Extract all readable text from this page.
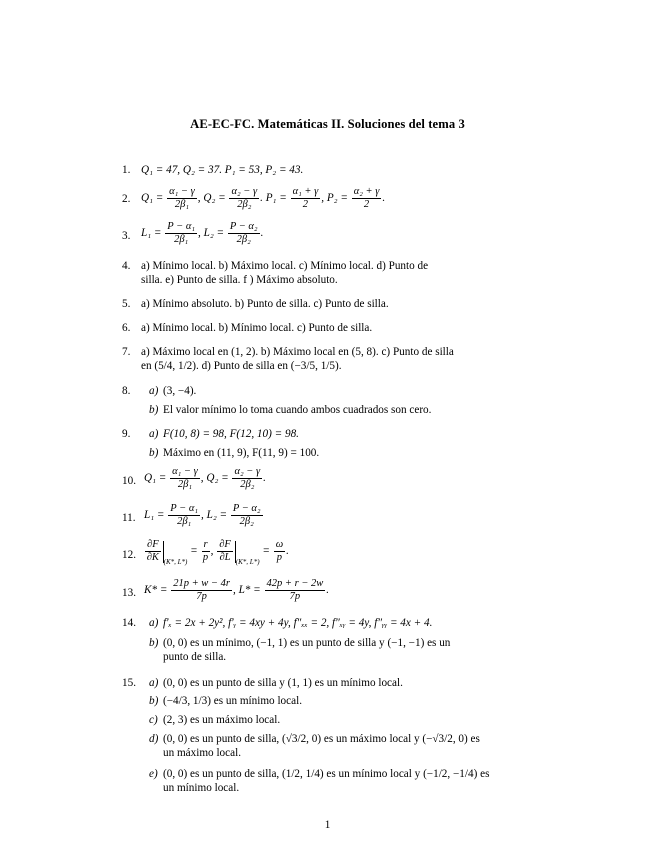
AE-EC-FC. Matemáticas II. Soluciones del tema 3
1. Q₁ = 47, Q₂ = 37. P₁ = 53, P₂ = 43.
2. $Q_1 = \frac{\text{α₁ − γ}}{\text{2β₁}}$ , $Q_2 = \frac{\text{α₂ − γ}}{\text{2β₂}}$ . $P_1 = \frac{\text{α₁ + γ}}{2}$ , $P_2 = \frac{\text{α₂ + γ}}{2}$ .
3. $L_1 = \frac{\text{P − α₁}}{\text{2β₁}}$ , $L_2 = \frac{\text{P − α₂}}{\text{2β₂}}$ .
4. a) Mínimo local. b) Máximo local. c) Mínimo local. d) Punto de
silla. e) Punto de silla. f ) Máximo absoluto.
5. a) Mínimo absoluto. b) Punto de silla. c) Punto de silla.
6. a) Mínimo local. b) Mínimo local. c) Punto de silla.
7. a) Máximo local en (1, 2). b) Máximo local en (5, 8). c) Punto de silla
en (5/4, 1/2). d) Punto de silla en (−3/5, 1/5).
8.	a) (3, −4).
b) El valor mínimo lo toma cuando ambos cuadrados son cero.
9.	a) F(10, 8) = 98, F(12, 10) = 98.
b) Máximo en (11, 9), F(11, 9) = 100.
10. $Q_1 = \frac{\text{α₁ − γ}}{\text{2β₁}}$ , $Q_2 = \frac{\text{α₂ − γ}}{\text{2β₂}}$ .
11. $L_1 = \frac{\text{P − α₁}}{\text{2β₁}}$ , $L_2 = \frac{\text{P − α₂}}{\text{2β₂}}$
12. $\frac{\partial F}{\partial K} _{(K*, L*)} = \frac{r}{p}$ , $\frac{\partial F}{\partial L} _{(K*, L*)} = \frac{\omega}{p}$ .
13. $K* = \frac{21p + w - 4r}{7p}$ , $L* = \frac{42p + r - 2w}{7p}$ .
14.	a) f′ₓ = 2x + 2y², f′ᵧ = 4xy + 4y, f″ₓₓ = 2, f″ₓᵧ = 4y, f″ᵧᵧ = 4x + 4.
b) (0, 0) es un mínimo, (−1, 1) es un punto de silla y (−1, −1) es un
punto de silla.
15.	a) (0, 0) es un punto de silla y (1, 1) es un mínimo local.
b) (−4/3, 1/3) es un mínimo local.
c) (2, 3) es un máximo local.
d) (0, 0) es un punto de silla, (√3/2, 0) es un máximo local y (−√3/2, 0) es
un máximo local.
e) (0, 0) es un punto de silla, (1/2, 1/4) es un mínimo local y (−1/2, −1/4) es
un mínimo local.
1
